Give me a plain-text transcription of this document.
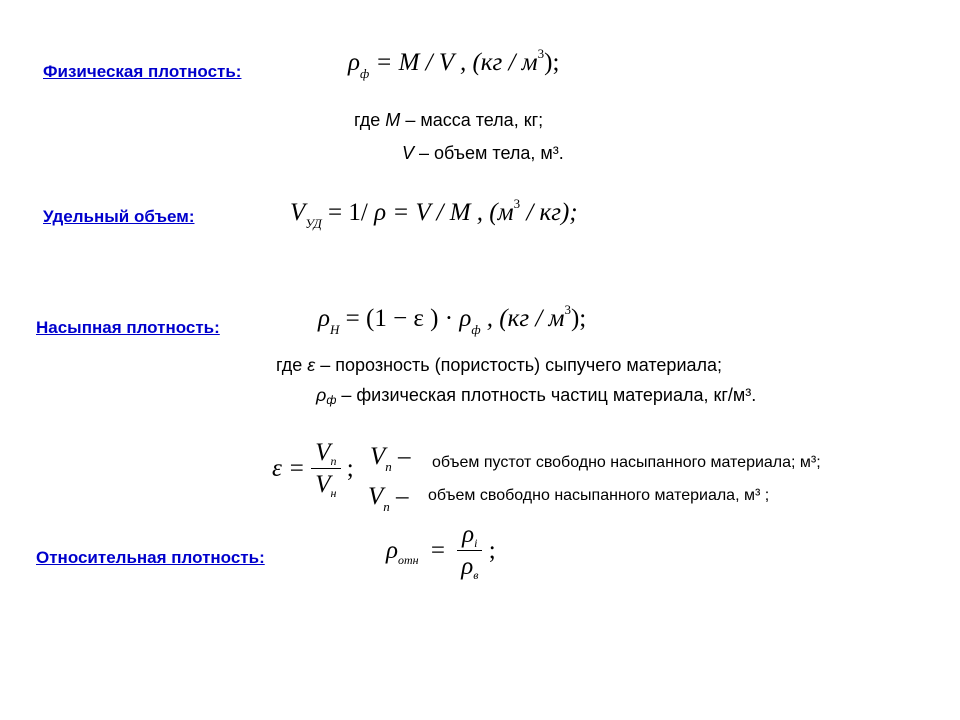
Физическая плотность:	$\rho_ф = M / V$ , $(кг / м^3)$;
где M – масса тела, кг;
V – объем тела, м³.
Удельный объем:	$V_{УД} = 1/$ ρ = V / M , $(м^3 / кг)$;
Насыпная плотность:	$\rho_Н = (1 - \varepsilon$ ) · $\rho_ф$ , $(кг / м^3)$;
где ε – порозность (пористость) сыпучего материала;
ρф – физическая плотность частиц материала, кг/м³.
$\varepsilon = \frac{V_п}{V_н}$ ; $V_п$ – объем пустот свободно насыпанного материала; м³;
$V_п$ – объем свободно насыпанного материала, м³ ;
Относительная плотность:	$\rho_{отн} = \frac{\rho_i}{\rho_в}$ ;
